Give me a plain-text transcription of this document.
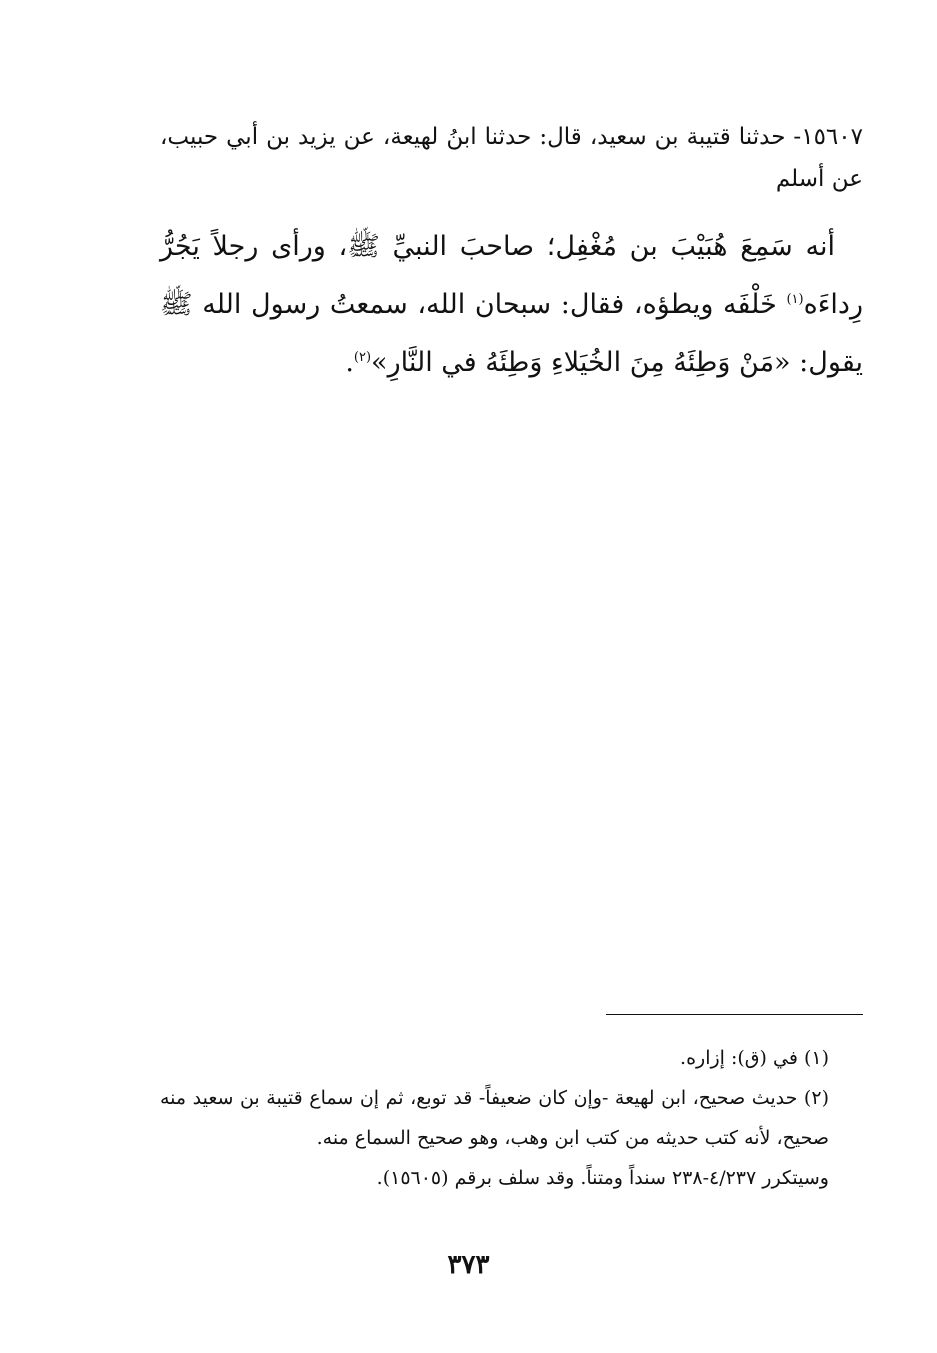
١٥٦٠٧- حدثنا قتيبة بن سعيد، قال: حدثنا ابنُ لهيعة، عن يزيد بن أبي حبيب، عن أسلم
أنه سَمِعَ هُبَيْبَ بن مُغْفِل؛ صاحبَ النبيِّ ﷺ، ورأى رجلاً يَجُرُّ رِداءَه$^{(١)}$ خَلْفَه ويطؤه، فقال: سبحان الله، سمعتُ رسول الله ﷺ يقول: «مَنْ وَطِئَهُ مِنَ الخُيَلاءِ وَطِئَهُ في النَّارِ»$^{(٢)}$.

(١) في (ق): إزاره.

(٢) حديث صحيح، ابن لهيعة -وإن كان ضعيفاً- قد توبع، ثم إن سماع قتيبة بن سعيد منه صحيح، لأنه كتب حديثه من كتب ابن وهب، وهو صحيح السماع منه.

وسيتكرر ٤/٢٣٧-٢٣٨ سنداً ومتناً. وقد سلف برقم (١٥٦٠٥).

٣٧٣
